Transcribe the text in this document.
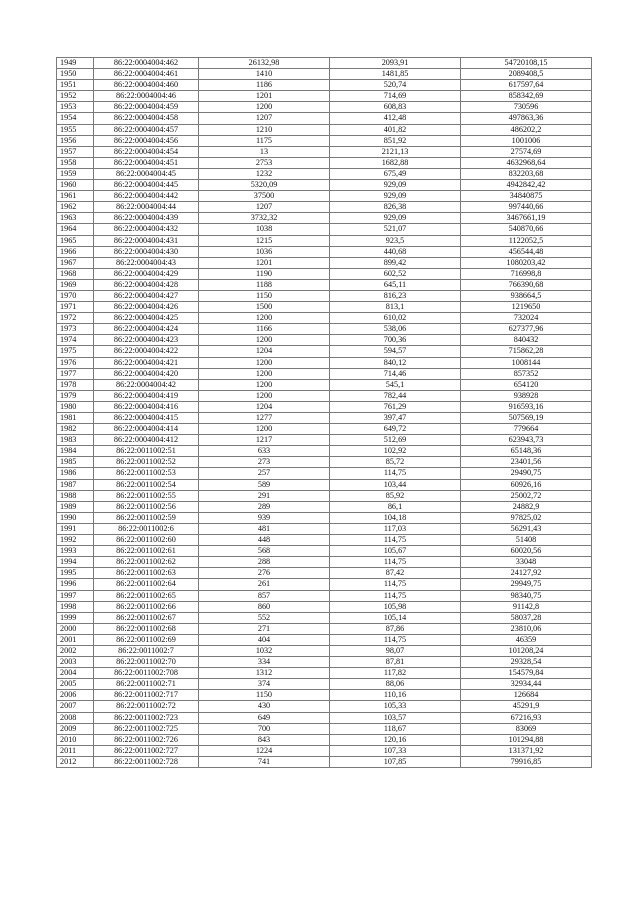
1949	86:22:0004004:462	26132,98	2093,91	54720108,15
1950	86:22:0004004:461	1410	1481,85	2089408,5
1951	86:22:0004004:460	1186	520,74	617597,64
1952	86:22:0004004:46	1201	714,69	858342,69
1953	86:22:0004004:459	1200	608,83	730596
1954	86:22:0004004:458	1207	412,48	497863,36
1955	86:22:0004004:457	1210	401,82	486202,2
1956	86:22:0004004:456	1175	851,92	1001006
1957	86:22:0004004:454	13	2121,13	27574,69
1958	86:22:0004004:451	2753	1682,88	4632968,64
1959	86:22:0004004:45	1232	675,49	832203,68
1960	86:22:0004004:445	5320,09	929,09	4942842,42
1961	86:22:0004004:442	37500	929,09	34840875
1962	86:22:0004004:44	1207	826,38	997440,66
1963	86:22:0004004:439	3732,32	929,09	3467661,19
1964	86:22:0004004:432	1038	521,07	540870,66
1965	86:22:0004004:431	1215	923,5	1122052,5
1966	86:22:0004004:430	1036	440,68	456544,48
1967	86:22:0004004:43	1201	899,42	1080203,42
1968	86:22:0004004:429	1190	602,52	716998,8
1969	86:22:0004004:428	1188	645,11	766390,68
1970	86:22:0004004:427	1150	816,23	938664,5
1971	86:22:0004004:426	1500	813,1	1219650
1972	86:22:0004004:425	1200	610,02	732024
1973	86:22:0004004:424	1166	538,06	627377,96
1974	86:22:0004004:423	1200	700,36	840432
1975	86:22:0004004:422	1204	594,57	715862,28
1976	86:22:0004004:421	1200	840,12	1008144
1977	86:22:0004004:420	1200	714,46	857352
1978	86:22:0004004:42	1200	545,1	654120
1979	86:22:0004004:419	1200	782,44	938928
1980	86:22:0004004:416	1204	761,29	916593,16
1981	86:22:0004004:415	1277	397,47	507569,19
1982	86:22:0004004:414	1200	649,72	779664
1983	86:22:0004004:412	1217	512,69	623943,73
1984	86:22:0011002:51	633	102,92	65148,36
1985	86:22:0011002:52	273	85,72	23401,56
1986	86:22:0011002:53	257	114,75	29490,75
1987	86:22:0011002:54	589	103,44	60926,16
1988	86:22:0011002:55	291	85,92	25002,72
1989	86:22:0011002:56	289	86,1	24882,9
1990	86:22:0011002:59	939	104,18	97825,02
1991	86:22:0011002:6	481	117,03	56291,43
1992	86:22:0011002:60	448	114,75	51408
1993	86:22:0011002:61	568	105,67	60020,56
1994	86:22:0011002:62	288	114,75	33048
1995	86:22:0011002:63	276	87,42	24127,92
1996	86:22:0011002:64	261	114,75	29949,75
1997	86:22:0011002:65	857	114,75	98340,75
1998	86:22:0011002:66	860	105,98	91142,8
1999	86:22:0011002:67	552	105,14	58037,28
2000	86:22:0011002:68	271	87,86	23810,06
2001	86:22:0011002:69	404	114,75	46359
2002	86:22:0011002:7	1032	98,07	101208,24
2003	86:22:0011002:70	334	87,81	29328,54
2004	86:22:0011002:708	1312	117,82	154579,84
2005	86:22:0011002:71	374	88,06	32934,44
2006	86:22:0011002:717	1150	110,16	126684
2007	86:22:0011002:72	430	105,33	45291,9
2008	86:22:0011002:723	649	103,57	67216,93
2009	86:22:0011002:725	700	118,67	83069
2010	86:22:0011002:726	843	120,16	101294,88
2011	86:22:0011002:727	1224	107,33	131371,92
2012	86:22:0011002:728	741	107,85	79916,85
